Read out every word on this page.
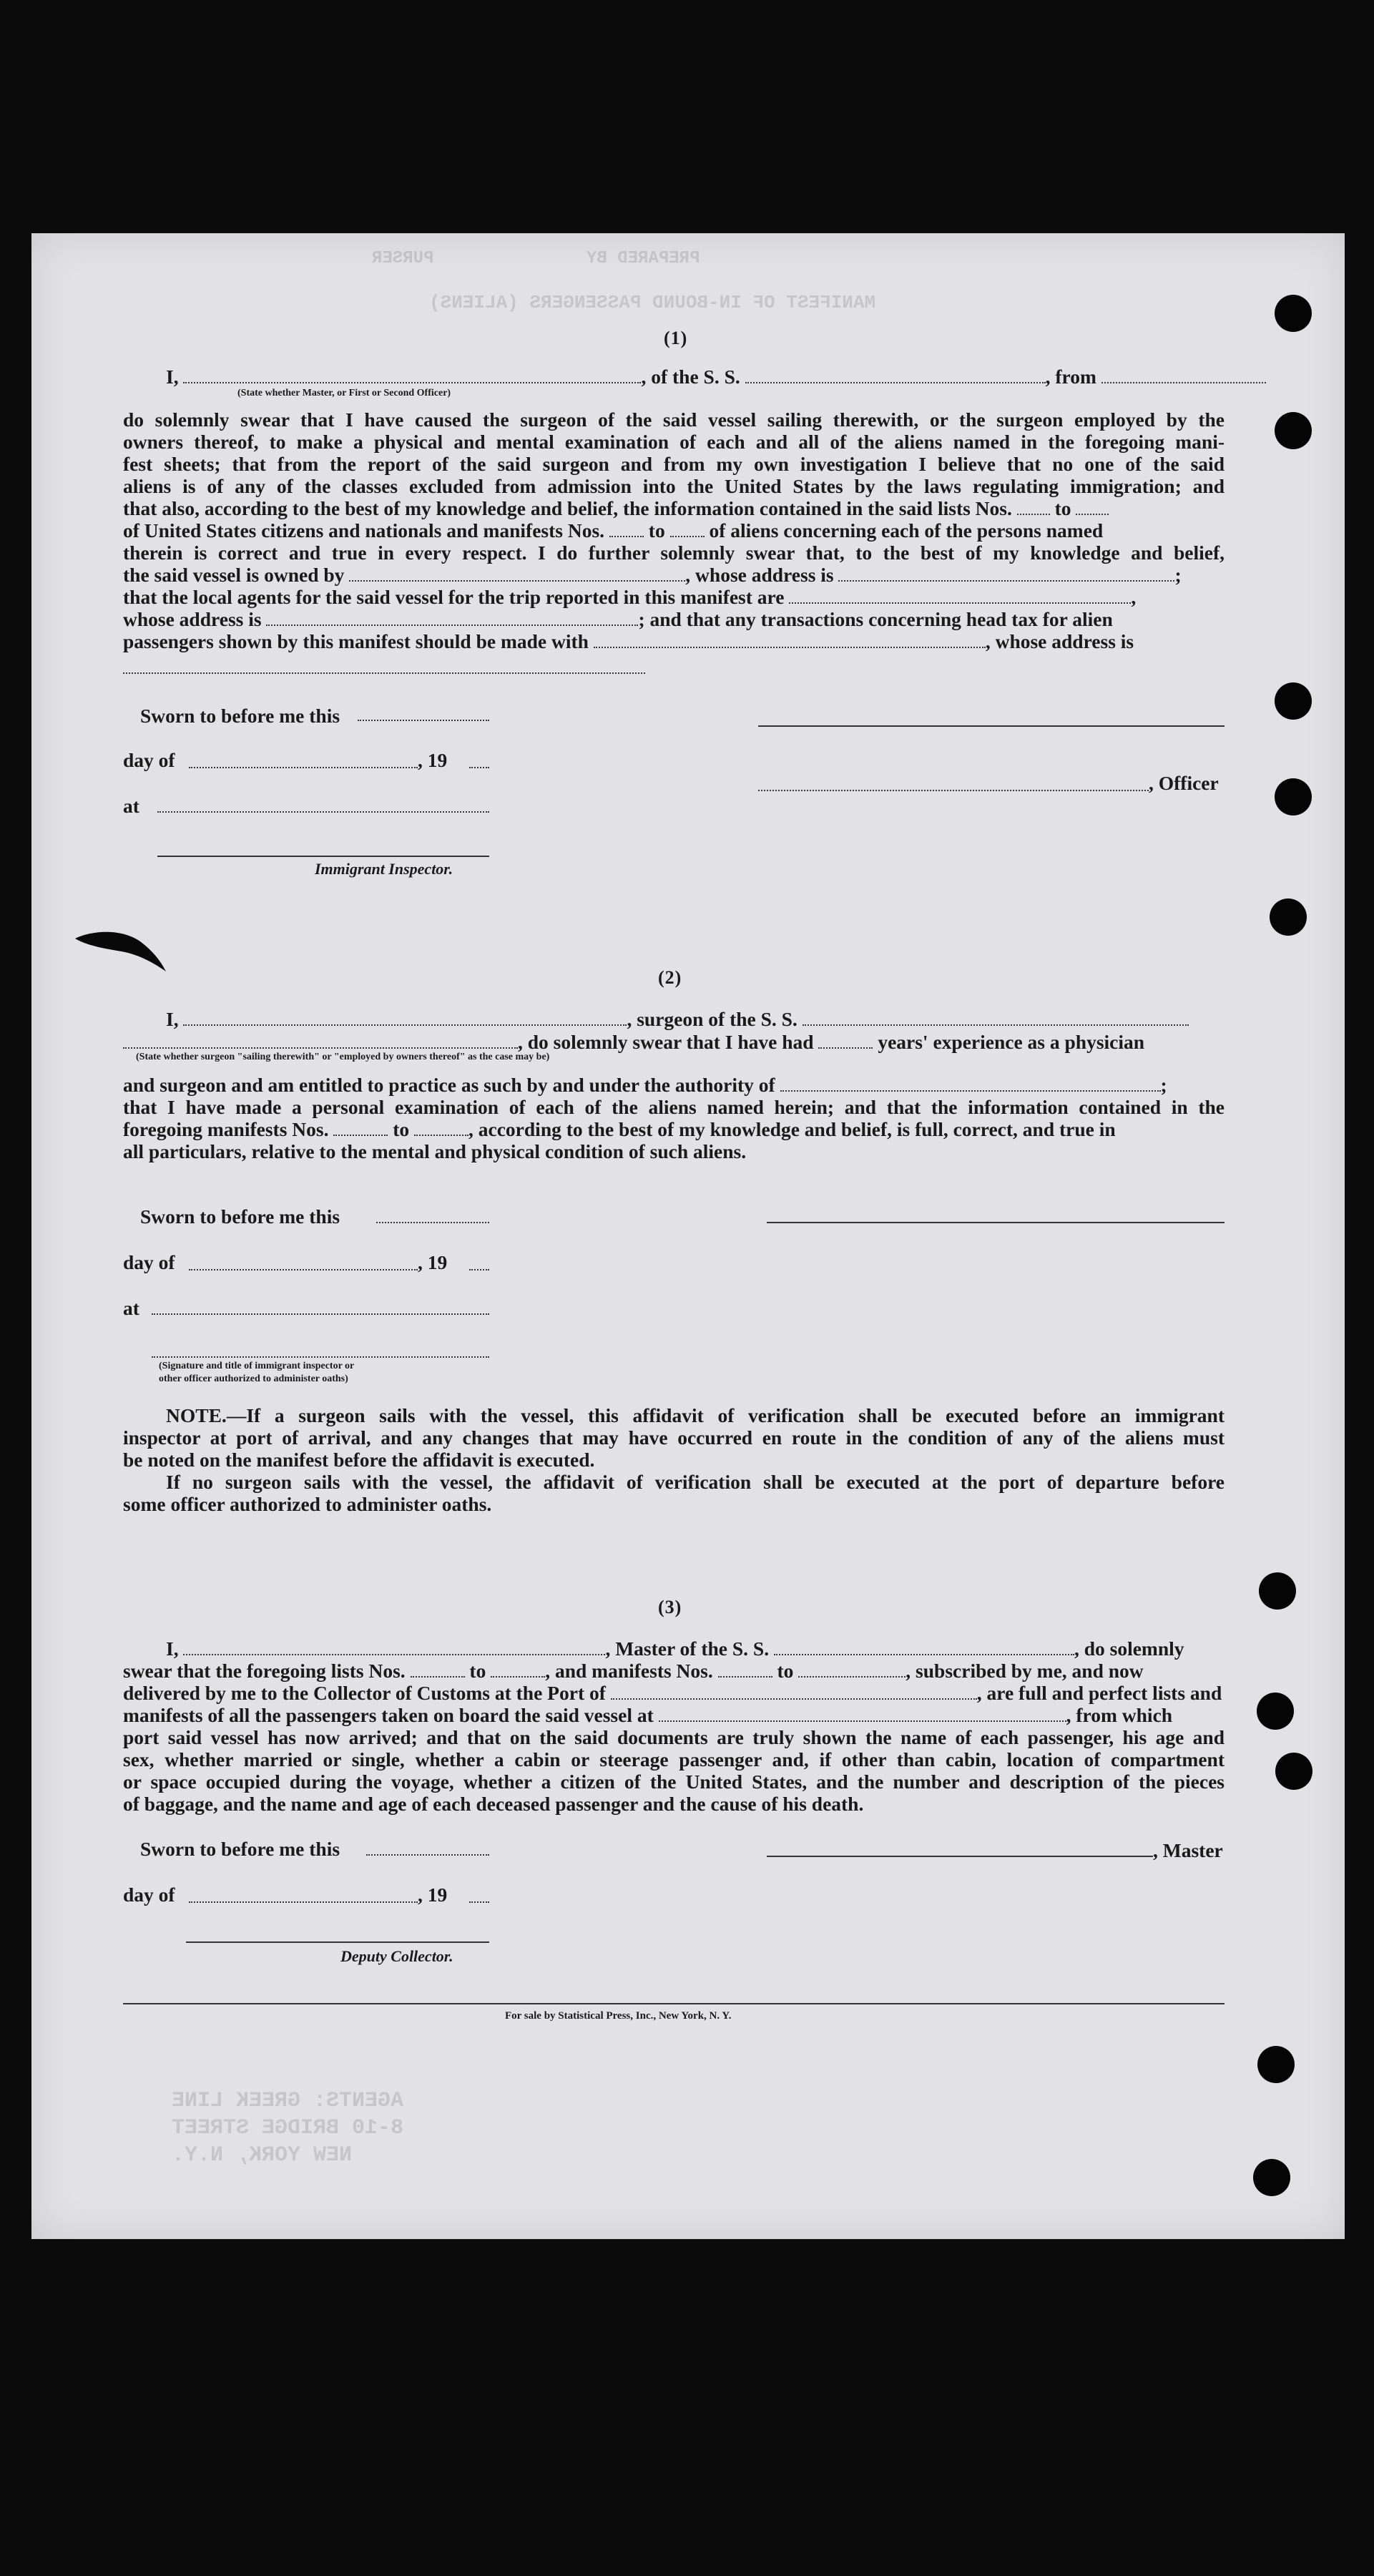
MANIFEST OF IN-BOUND PASSENGERS (ALIENS)
PREPARED BY
PURSER
AGENTS: GREEK LINE
8-10 BRIDGE STREET
NEW YORK, N.Y.
(1)
I,	, of the S. S.	, from
(State whether Master, or First or Second Officer)
do solemnly swear that I have caused the surgeon of the said vessel sailing therewith, or the surgeon employed by the
owners thereof, to make a physical and mental examination of each and all of the aliens named in the foregoing mani-
fest sheets; that from the report of the said surgeon and from my own investigation I believe that no one of the said
aliens is of any of the classes excluded from admission into the United States by the laws regulating immigration; and
that also, according to the best of my knowledge and belief, the information contained in the said lists Nos. to
of United States citizens and nationals and manifests Nos. to of aliens concerning each of the persons named
therein is correct and true in every respect. I do further solemnly swear that, to the best of my knowledge and belief,
the said vessel is owned by	, whose address is	;
that the local agents for the said vessel for the trip reported in this manifest are	,
whose address is	; and that any transactions concerning head tax for alien
passengers shown by this manifest should be made with	, whose address is
Sworn to before me this
day of	, 19
, Officer
at
Immigrant Inspector.
(2)
I,	, surgeon of the S. S.
, do solemnly swear that I have had	years' experience as a physician
(State whether surgeon "sailing therewith" or "employed by owners thereof" as the case may be)
and surgeon and am entitled to practice as such by and under the authority of	;
that I have made a personal examination of each of the aliens named herein; and that the information contained in the
foregoing manifests Nos.	to	, according to the best of my knowledge and belief, is full, correct, and true in
all particulars, relative to the mental and physical condition of such aliens.
Sworn to before me this
day of	, 19
at
(Signature and title of immigrant inspector or
other officer authorized to administer oaths)
NOTE.—If a surgeon sails with the vessel, this affidavit of verification shall be executed before an immigrant
inspector at port of arrival, and any changes that may have occurred en route in the condition of any of the aliens must
be noted on the manifest before the affidavit is executed.
If no surgeon sails with the vessel, the affidavit of verification shall be executed at the port of departure before
some officer authorized to administer oaths.
(3)
I,	, Master of the S. S.	, do solemnly
swear that the foregoing lists Nos.	to	, and manifests Nos.	to	, subscribed by me, and now
delivered by me to the Collector of Customs at the Port of	, are full and perfect lists and
manifests of all the passengers taken on board the said vessel at	, from which
port said vessel has now arrived; and that on the said documents are truly shown the name of each passenger, his age and
sex, whether married or single, whether a cabin or steerage passenger and, if other than cabin, location of compartment
or space occupied during the voyage, whether a citizen of the United States, and the number and description of the pieces
of baggage, and the name and age of each deceased passenger and the cause of his death.
Sworn to before me this	, Master
day of	, 19
Deputy Collector.
For sale by Statistical Press, Inc., New York, N. Y.
